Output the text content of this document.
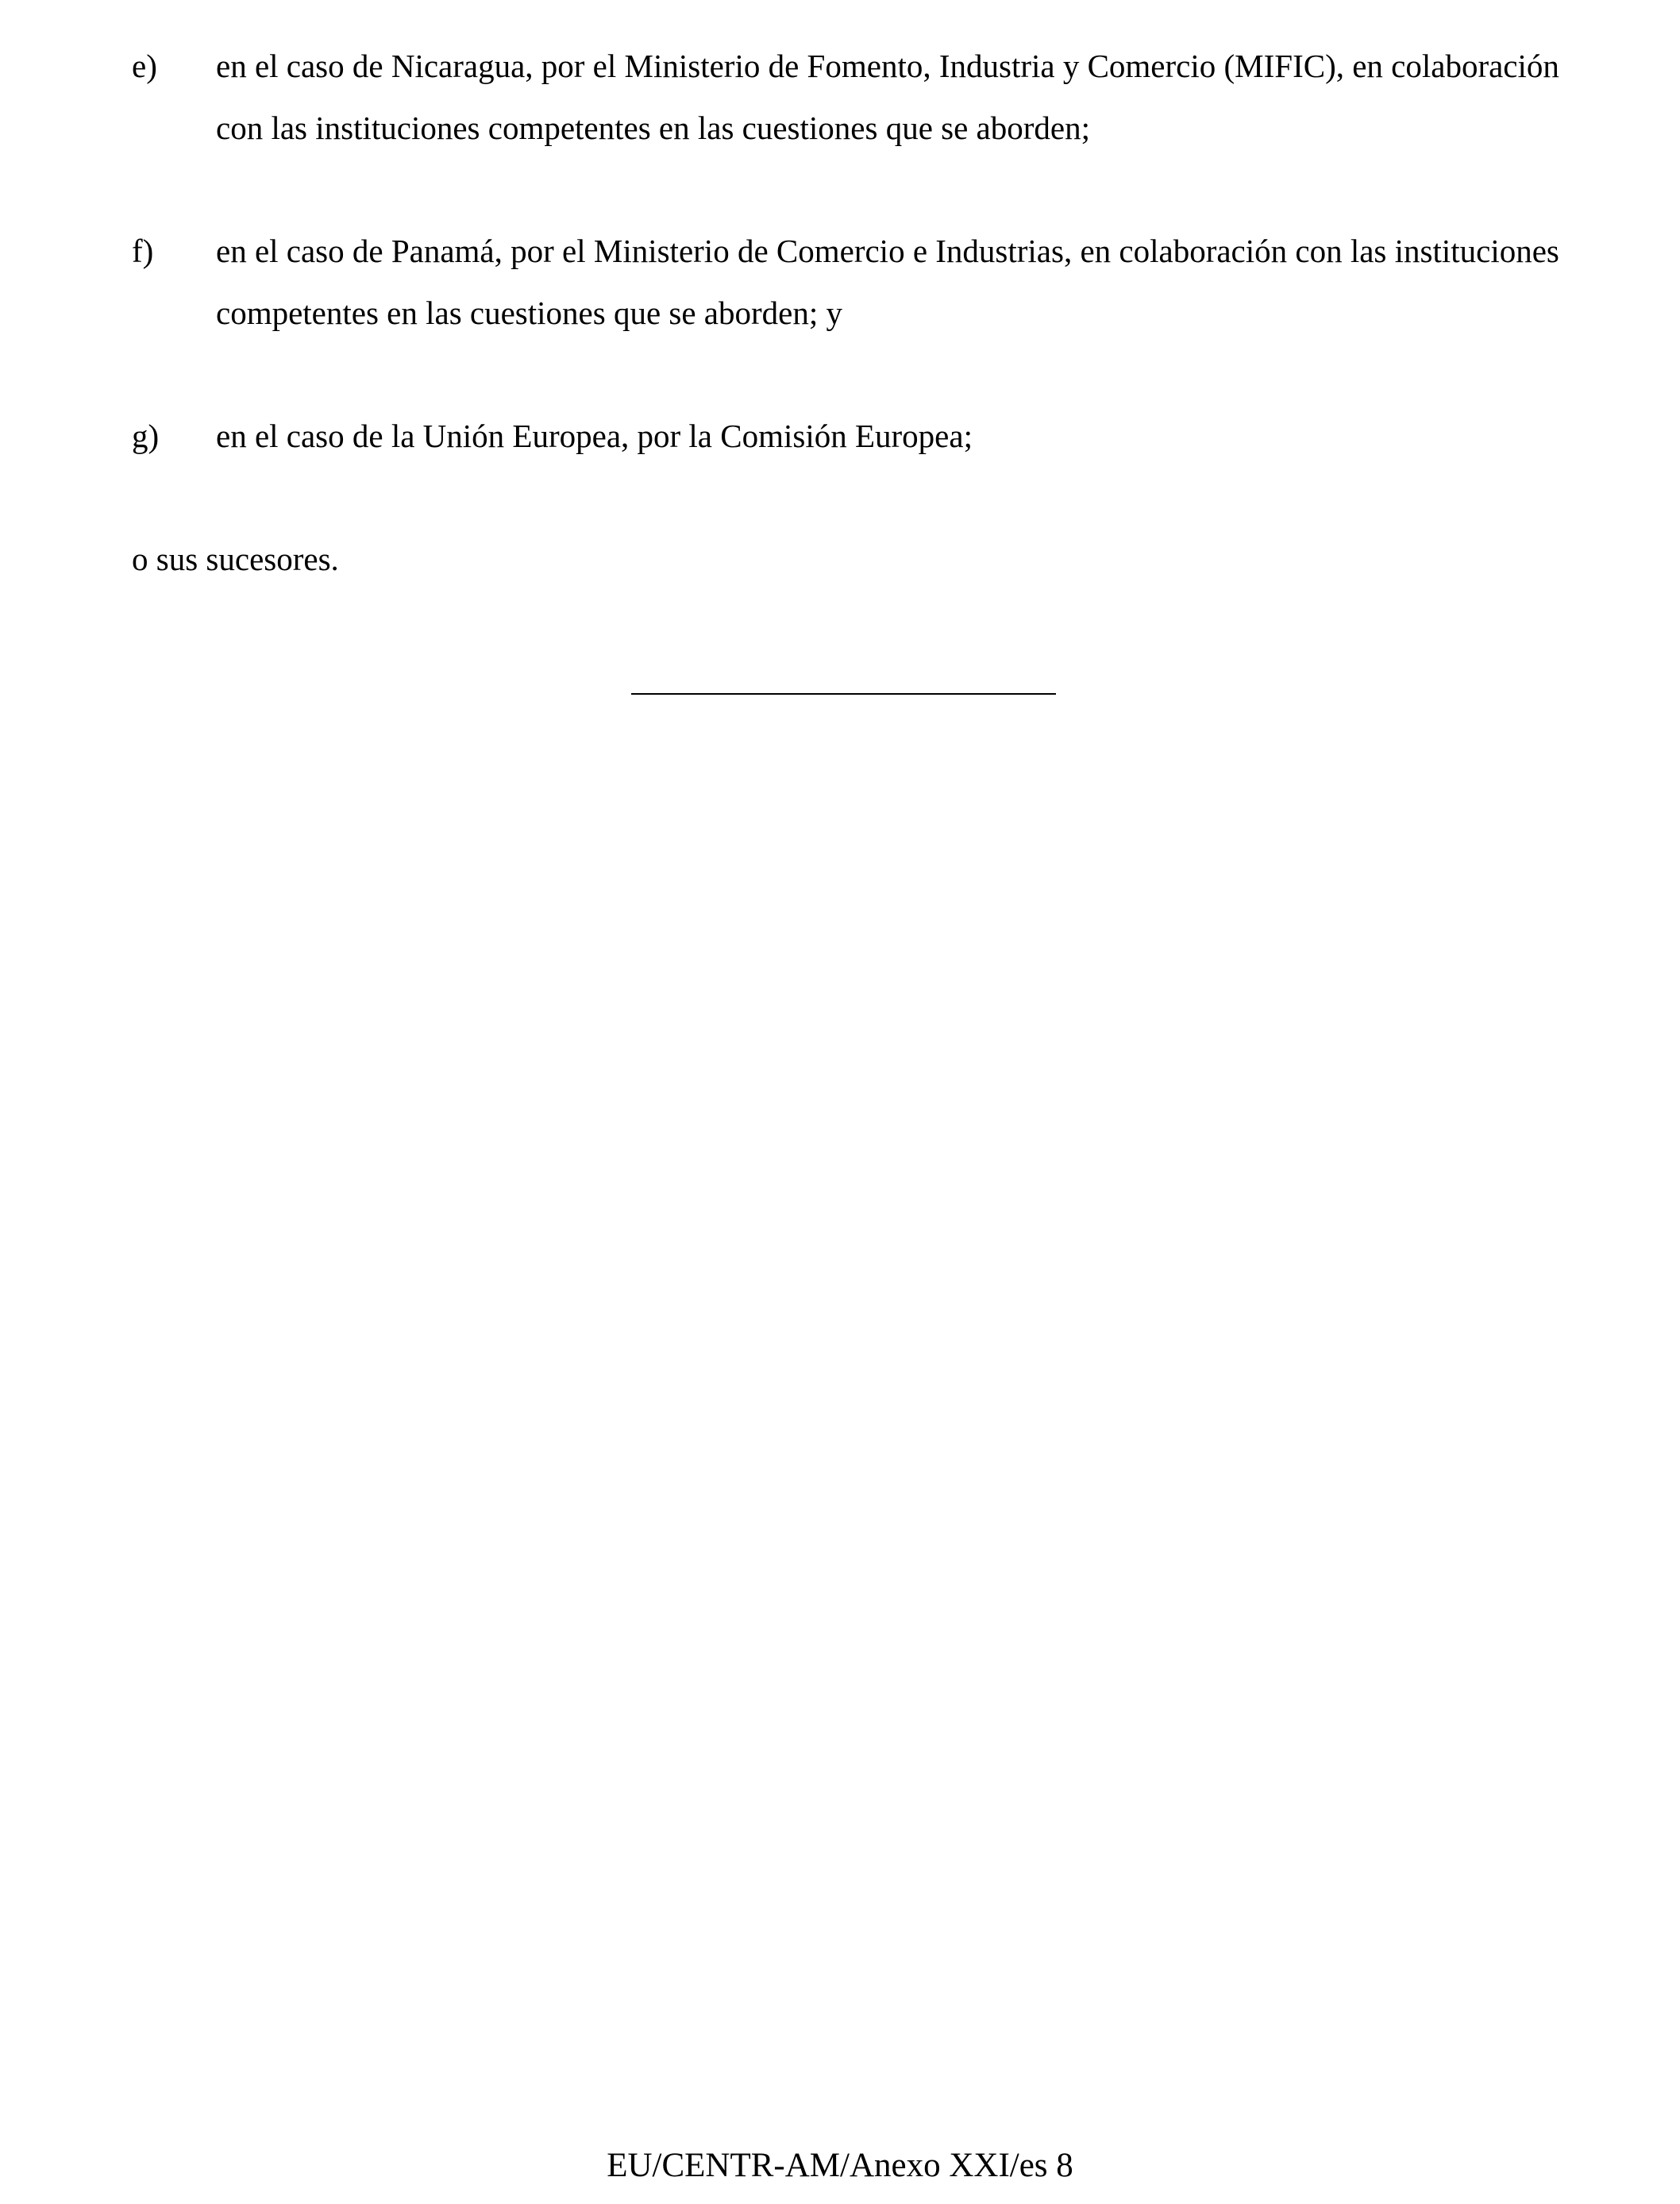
e) en el caso de Nicaragua, por el Ministerio de Fomento, Industria y Comercio (MIFIC), en colaboración con las instituciones competentes en las cuestiones que se aborden;
f) en el caso de Panamá, por el Ministerio de Comercio e Industrias, en colaboración con las instituciones competentes en las cuestiones que se aborden; y
g) en el caso de la Unión Europea, por la Comisión Europea;
o sus sucesores.
EU/CENTR-AM/Anexo XXI/es 8
